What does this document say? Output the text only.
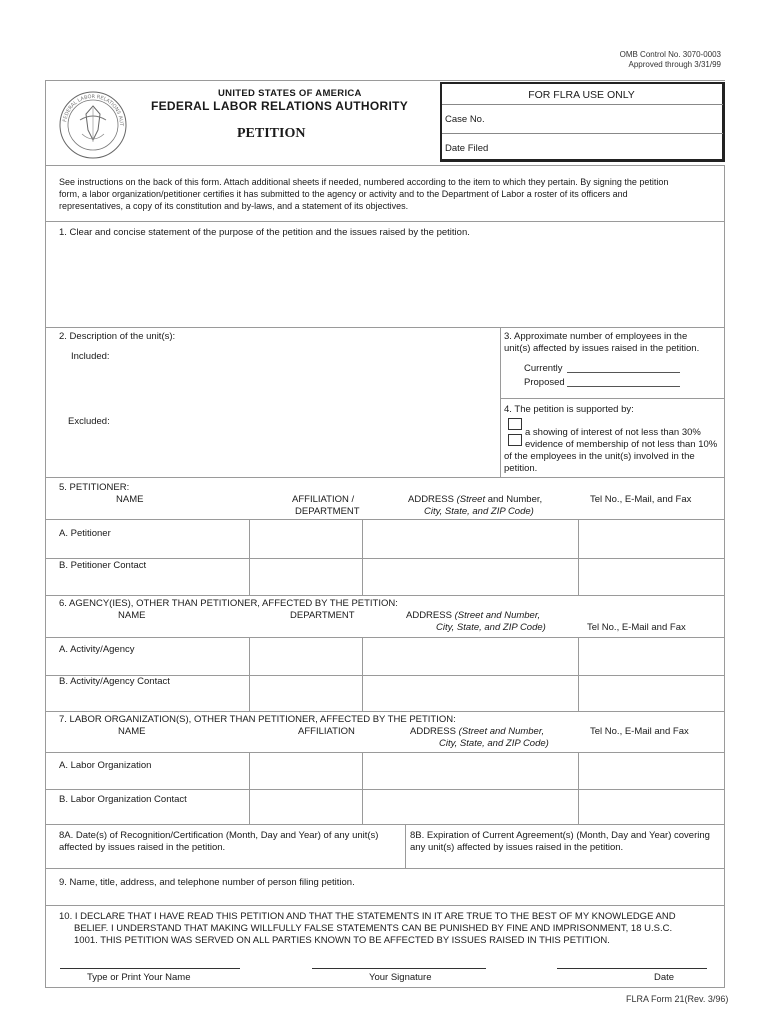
OMB Control No. 3070-0003
Approved through 3/31/99
FEDERAL LABOR RELATIONS AUT
UNITED STATES OF AMERICA
FEDERAL LABOR RELATIONS AUTHORITY
PETITION
FOR FLRA USE ONLY
Case No.
Date Filed
See instructions on the back of this form. Attach additional sheets if needed, numbered according to the item to which they pertain. By signing the petition
form, a labor organization/petitioner certifies it has submitted to the agency or activity and to the Department of Labor a roster of its officers and
representatives, a copy of its constitution and by-laws, and a statement of its objectives.
1. Clear and concise statement of the purpose of the petition and the issues raised by the petition.
2. Description of the unit(s):
Included:
Excluded:
3. Approximate number of employees in the
unit(s) affected by issues raised in the petition.
Currently
Proposed
4. The petition is supported by:
a showing of interest of not less than 30%
evidence of membership of not less than 10%
of the employees in the unit(s) involved in the
petition.
5. PETITIONER:
NAME	AFFILIATION /
DEPARTMENT
ADDRESS (Street and Number,
City, State, and ZIP Code)
Tel No., E-Mail, and Fax
A. Petitioner
B. Petitioner Contact
6. AGENCY(IES), OTHER THAN PETITIONER, AFFECTED BY THE PETITION:
NAME	DEPARTMENT	ADDRESS (Street and Number,
City, State, and ZIP Code)	Tel No., E-Mail and Fax
A. Activity/Agency
B. Activity/Agency Contact
7. LABOR ORGANIZATION(S), OTHER THAN PETITIONER, AFFECTED BY THE PETITION:
NAME	AFFILIATION	ADDRESS (Street and Number,
City, State, and ZIP Code)
Tel No., E-Mail and Fax
A. Labor Organization
B. Labor Organization Contact
8A. Date(s) of Recognition/Certification (Month, Day and Year) of any unit(s)
affected by issues raised in the petition.
8B. Expiration of Current Agreement(s) (Month, Day and Year) covering
any unit(s) affected by issues raised in the petition.
9. Name, title, address, and telephone number of person filing petition.
10. I DECLARE THAT I HAVE READ THIS PETITION AND THAT THE STATEMENTS IN IT ARE TRUE TO THE BEST OF MY KNOWLEDGE AND
BELIEF. I UNDERSTAND THAT MAKING WILLFULLY FALSE STATEMENTS CAN BE PUNISHED BY FINE AND IMPRISONMENT, 18 U.S.C.
1001. THIS PETITION WAS SERVED ON ALL PARTIES KNOWN TO BE AFFECTED BY ISSUES RAISED IN THIS PETITION.
Type or Print Your Name	Your Signature	Date
FLRA Form 21(Rev. 3/96)
